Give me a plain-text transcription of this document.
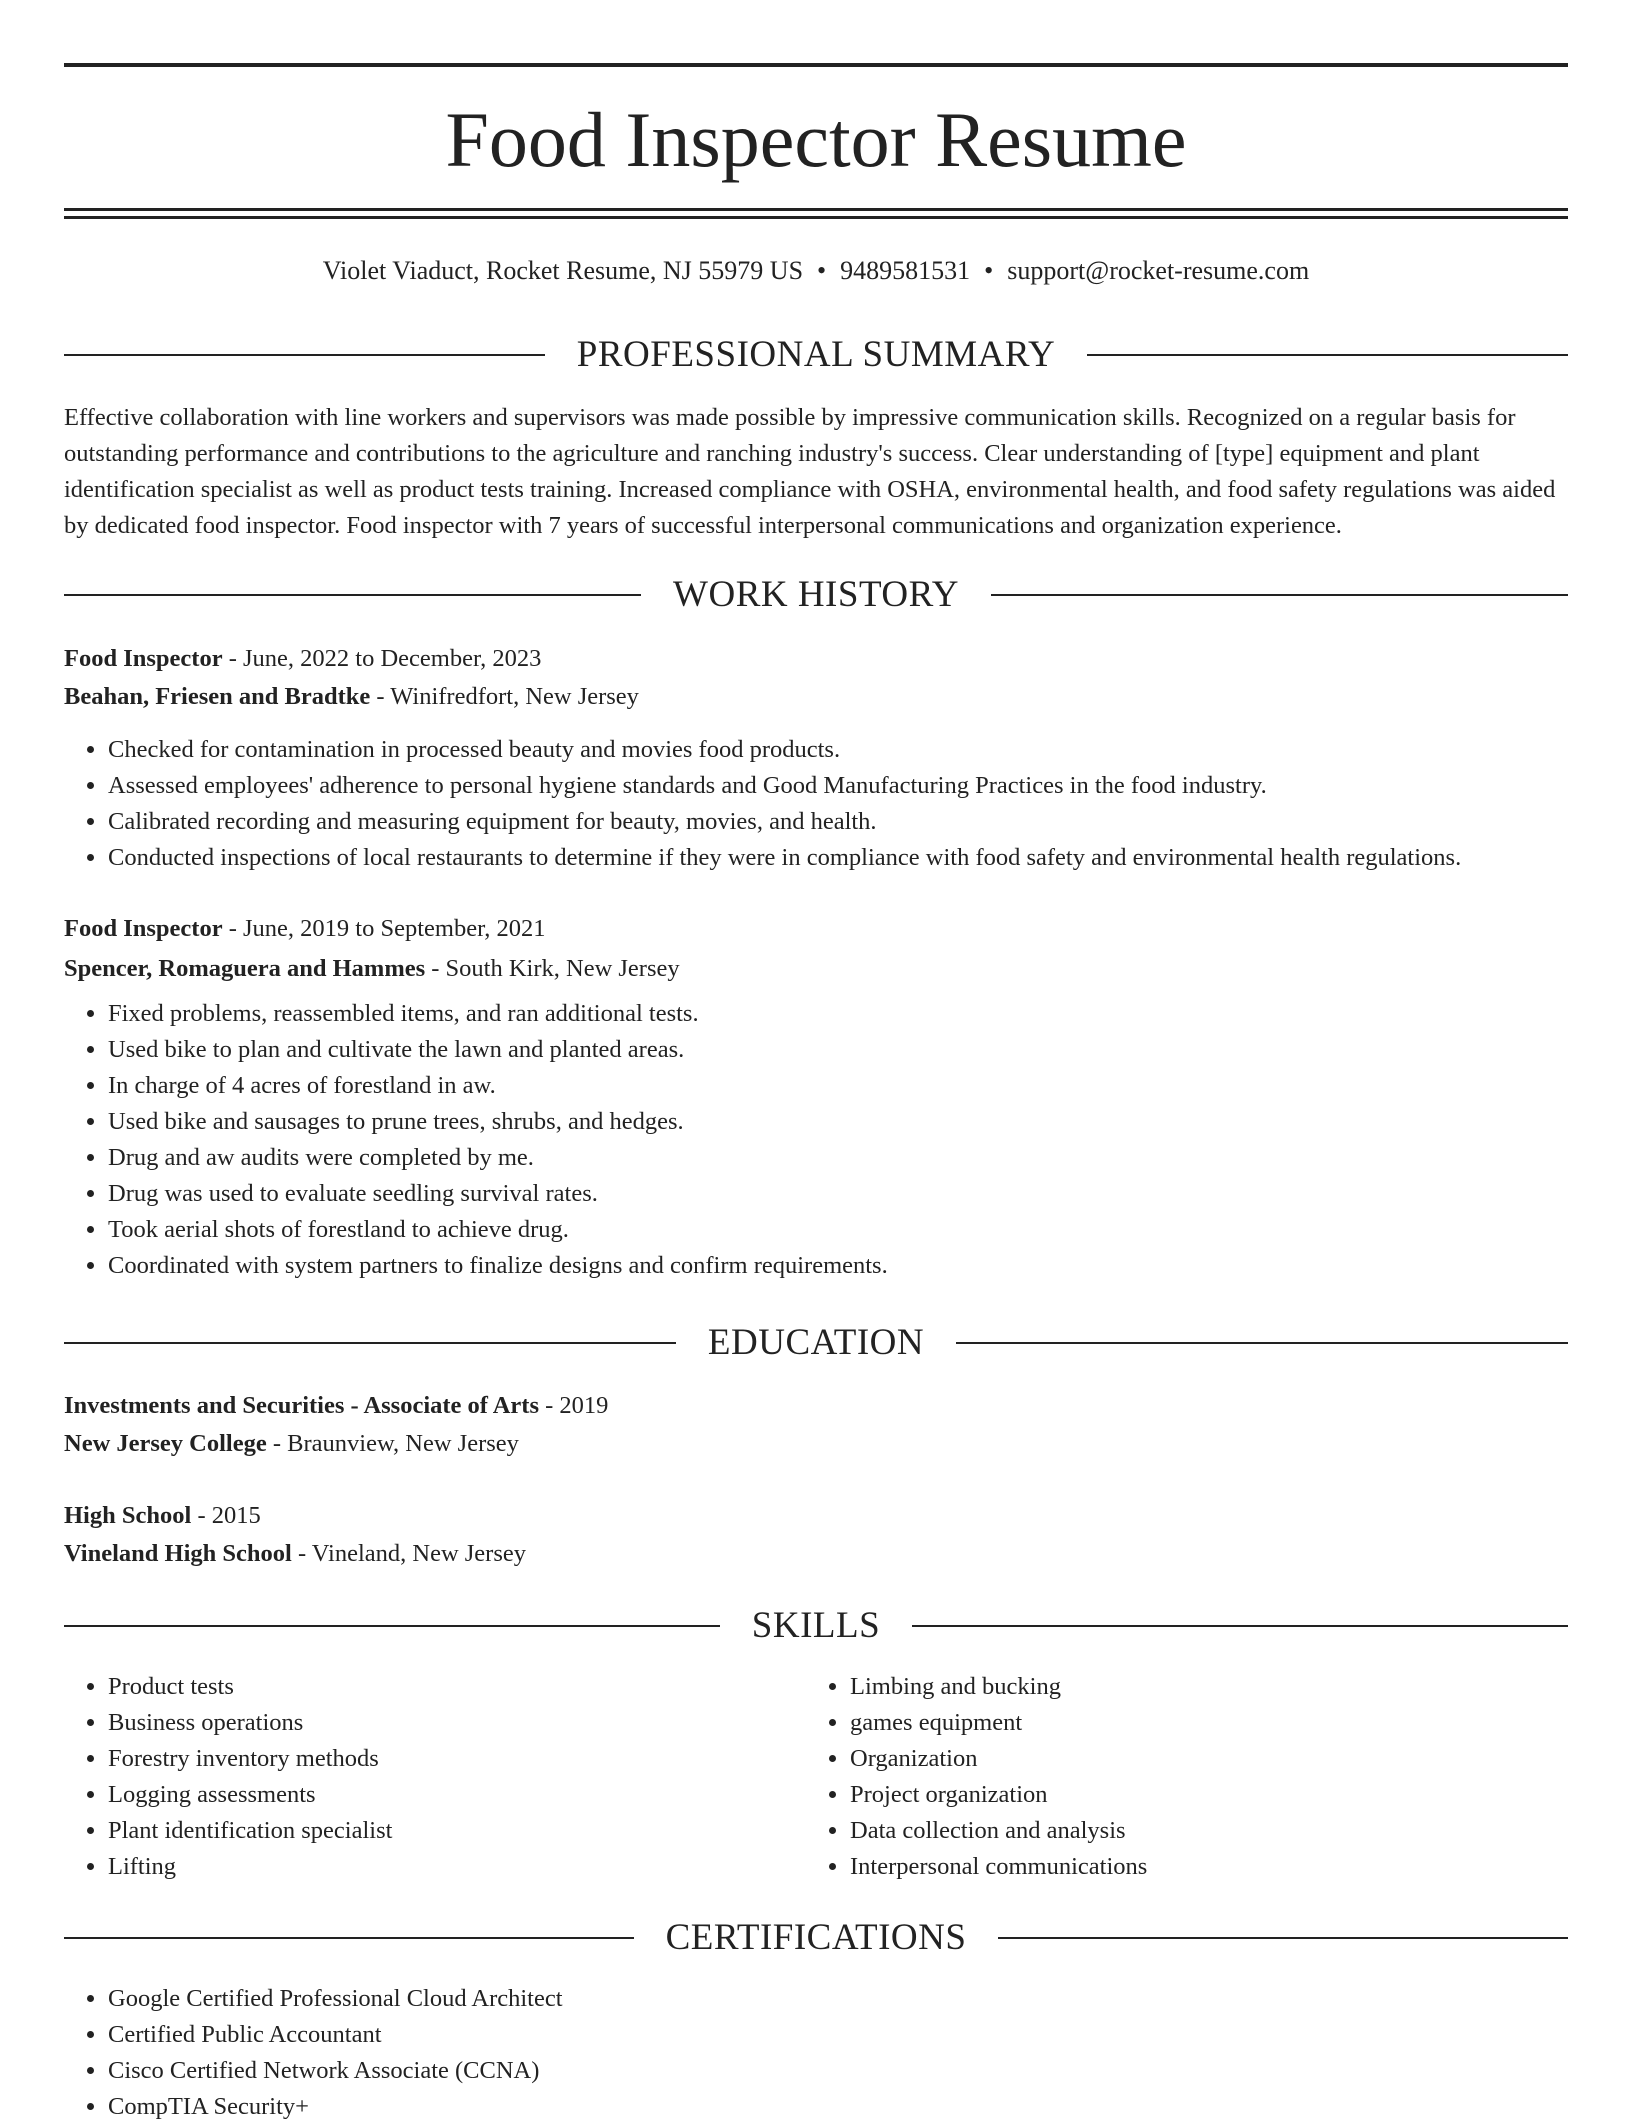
Food Inspector Resume
Violet Viaduct, Rocket Resume, NJ 55979 US • 9489581531 • support@rocket-resume.com
PROFESSIONAL SUMMARY

Effective collaboration with line workers and supervisors was made possible by impressive communication skills. Recognized on a regular basis for outstanding performance and contributions to the agriculture and ranching industry's success. Clear understanding of [type] equipment and plant identification specialist as well as product tests training. Increased compliance with OSHA, environmental health, and food safety regulations was aided by dedicated food inspector. Food inspector with 7 years of successful interpersonal communications and organization experience.

WORK HISTORY
Food Inspector - June, 2022 to December, 2023
Beahan, Friesen and Bradtke - Winifredfort, New Jersey
• Checked for contamination in processed beauty and movies food products.
• Assessed employees' adherence to personal hygiene standards and Good Manufacturing Practices in the food industry.
• Calibrated recording and measuring equipment for beauty, movies, and health.
• Conducted inspections of local restaurants to determine if they were in compliance with food safety and environmental health regulations.
Food Inspector - June, 2019 to September, 2021
Spencer, Romaguera and Hammes - South Kirk, New Jersey
• Fixed problems, reassembled items, and ran additional tests.
• Used bike to plan and cultivate the lawn and planted areas.
• In charge of 4 acres of forestland in aw.
• Used bike and sausages to prune trees, shrubs, and hedges.
• Drug and aw audits were completed by me.
• Drug was used to evaluate seedling survival rates.
• Took aerial shots of forestland to achieve drug.
• Coordinated with system partners to finalize designs and confirm requirements.
EDUCATION
Investments and Securities - Associate of Arts - 2019
New Jersey College - Braunview, New Jersey
High School - 2015
Vineland High School - Vineland, New Jersey
SKILLS
• Product tests
• Business operations
• Forestry inventory methods
• Logging assessments
• Plant identification specialist
• Lifting
• Limbing and bucking
• games equipment
• Organization
• Project organization
• Data collection and analysis
• Interpersonal communications
CERTIFICATIONS
• Google Certified Professional Cloud Architect
• Certified Public Accountant
• Cisco Certified Network Associate (CCNA)
• CompTIA Security+
